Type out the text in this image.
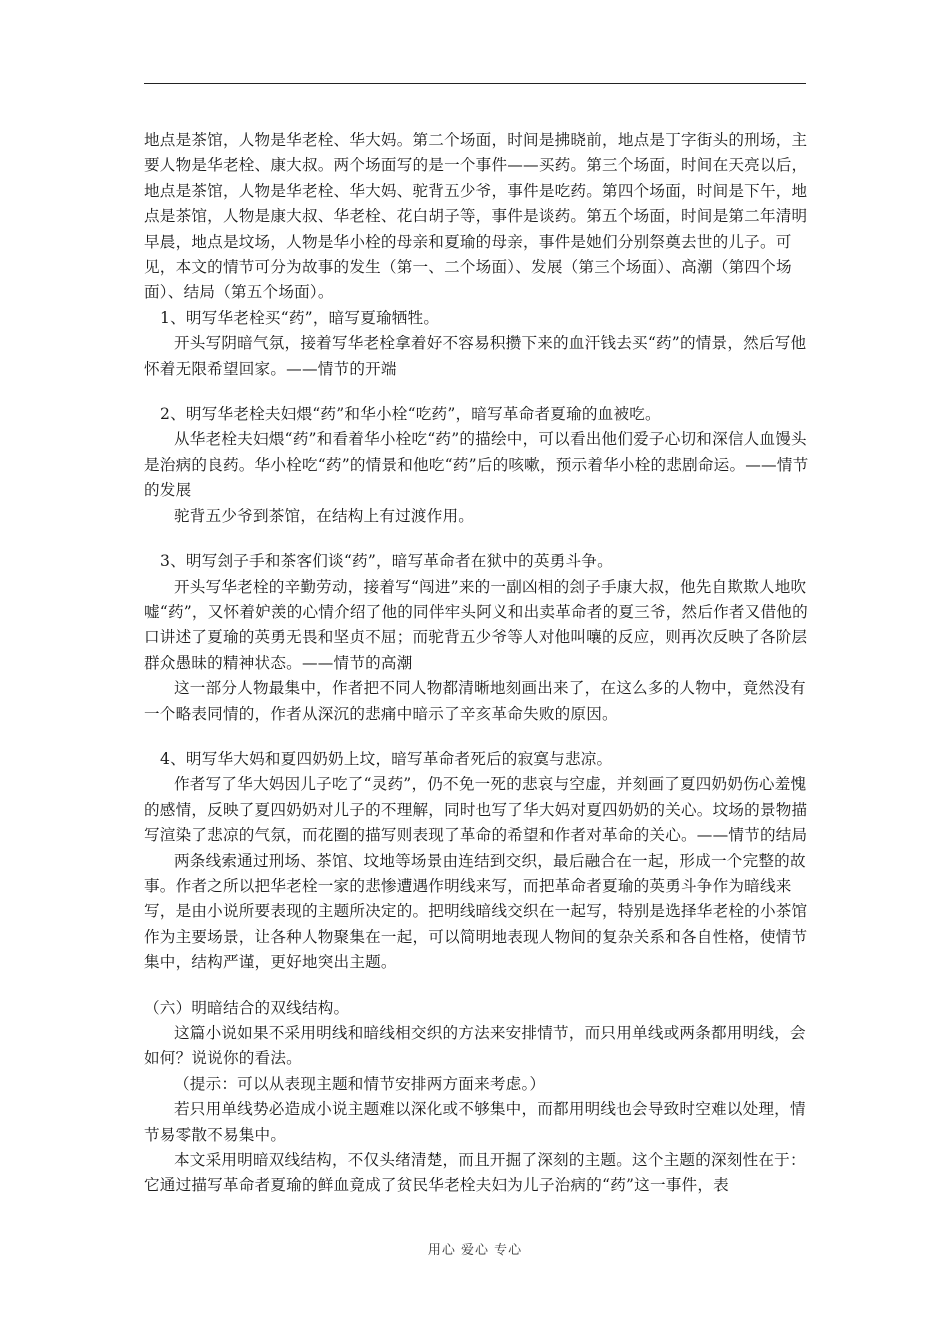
地点是茶馆，人物是华老栓、华大妈。第二个场面，时间是拂晓前，地点是丁字街头的刑场，主要人物是华老栓、康大叔。两个场面写的是一个事件——买药。第三个场面，时间在天亮以后，地点是茶馆，人物是华老栓、华大妈、驼背五少爷，事件是吃药。第四个场面，时间是下午，地点是茶馆，人物是康大叔、华老栓、花白胡子等，事件是谈药。第五个场面，时间是第二年清明早晨，地点是坟场，人物是华小栓的母亲和夏瑜的母亲，事件是她们分别祭奠去世的儿子。可见，本文的情节可分为故事的发生（第一、二个场面）、发展（第三个场面）、高潮（第四个场面）、结局（第五个场面）。

1、明写华老栓买“药”，暗写夏瑜牺牲。

开头写阴暗气氛，接着写华老栓拿着好不容易积攒下来的血汗钱去买“药”的情景，然后写他怀着无限希望回家。——情节的开端

2、明写华老栓夫妇煨“药”和华小栓“吃药”，暗写革命者夏瑜的血被吃。

从华老栓夫妇煨“药”和看着华小栓吃“药”的描绘中，可以看出他们爱子心切和深信人血馒头是治病的良药。华小栓吃“药”的情景和他吃“药”后的咳嗽，预示着华小栓的悲剧命运。——情节的发展

驼背五少爷到茶馆，在结构上有过渡作用。

3、明写刽子手和茶客们谈“药”，暗写革命者在狱中的英勇斗争。

开头写华老栓的辛勤劳动，接着写“闯进”来的一副凶相的刽子手康大叔，他先自欺欺人地吹嘘“药”，又怀着妒羡的心情介绍了他的同伴牢头阿义和出卖革命者的夏三爷，然后作者又借他的口讲述了夏瑜的英勇无畏和坚贞不屈；而驼背五少爷等人对他叫嚷的反应，则再次反映了各阶层群众愚昧的精神状态。——情节的高潮

这一部分人物最集中，作者把不同人物都清晰地刻画出来了，在这么多的人物中，竟然没有一个略表同情的，作者从深沉的悲痛中暗示了辛亥革命失败的原因。

4、明写华大妈和夏四奶奶上坟，暗写革命者死后的寂寞与悲凉。

作者写了华大妈因儿子吃了“灵药”，仍不免一死的悲哀与空虚，并刻画了夏四奶奶伤心羞愧的感情，反映了夏四奶奶对儿子的不理解，同时也写了华大妈对夏四奶奶的关心。坟场的景物描写渲染了悲凉的气氛，而花圈的描写则表现了革命的希望和作者对革命的关心。——情节的结局

两条线索通过刑场、茶馆、坟地等场景由连结到交织，最后融合在一起，形成一个完整的故事。作者之所以把华老栓一家的悲惨遭遇作明线来写，而把革命者夏瑜的英勇斗争作为暗线来写，是由小说所要表现的主题所决定的。把明线暗线交织在一起写，特别是选择华老栓的小茶馆作为主要场景，让各种人物聚集在一起，可以简明地表现人物间的复杂关系和各自性格，使情节集中，结构严谨，更好地突出主题。

（六）明暗结合的双线结构。

这篇小说如果不采用明线和暗线相交织的方法来安排情节，而只用单线或两条都用明线，会如何？说说你的看法。

（提示：可以从表现主题和情节安排两方面来考虑。）

若只用单线势必造成小说主题难以深化或不够集中，而都用明线也会导致时空难以处理，情节易零散不易集中。

本文采用明暗双线结构，不仅头绪清楚，而且开掘了深刻的主题。这个主题的深刻性在于：它通过描写革命者夏瑜的鲜血竟成了贫民华老栓夫妇为儿子治病的“药”这一事件，表

用心 爱心 专心
